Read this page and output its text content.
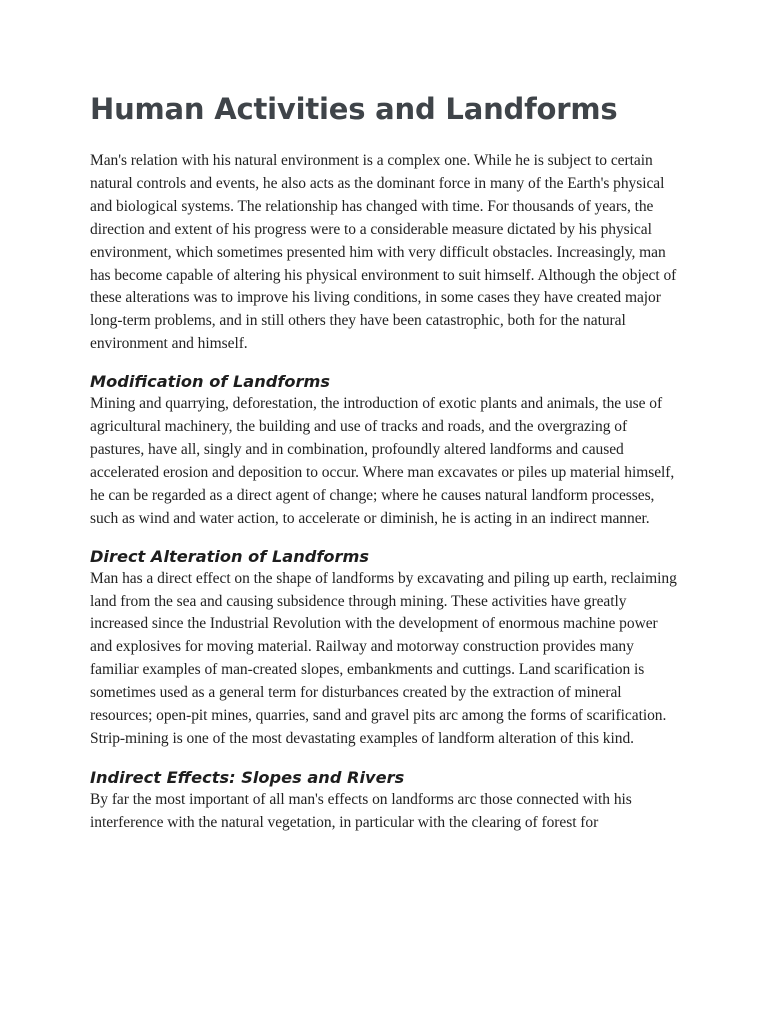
Human Activities and Landforms

Man's relation with his natural environment is a complex one. While he is subject to certain natural controls and events, he also acts as the dominant force in many of the Earth's physical and biological systems. The relationship has changed with time. For thousands of years, the direction and extent of his progress were to a considerable measure dictated by his physical environment, which sometimes presented him with very difficult obstacles. Increasingly, man has become capable of altering his physical environment to suit himself. Although the object of these alterations was to improve his living conditions, in some cases they have created major long-term problems, and in still others they have been catastrophic, both for the natural environment and himself.

Modification of Landforms

Mining and quarrying, deforestation, the introduction of exotic plants and animals, the use of agricultural machinery, the building and use of tracks and roads, and the overgrazing of pastures, have all, singly and in combination, profoundly altered landforms and caused accelerated erosion and deposition to occur. Where man excavates or piles up material himself, he can be regarded as a direct agent of change; where he causes natural landform processes, such as wind and water action, to accelerate or diminish, he is acting in an indirect manner.

Direct Alteration of Landforms

Man has a direct effect on the shape of landforms by excavating and piling up earth, reclaiming land from the sea and causing subsidence through mining. These activities have greatly increased since the Industrial Revolution with the development of enormous machine power and explosives for moving material. Railway and motorway construction provides many familiar examples of man-created slopes, embankments and cuttings. Land scarification is sometimes used as a general term for disturbances created by the extraction of mineral resources; open-pit mines, quarries, sand and gravel pits arc among the forms of scarification. Strip-mining is one of the most devastating examples of landform alteration of this kind.

Indirect Effects: Slopes and Rivers

By far the most important of all man's effects on landforms arc those connected with his interference with the natural vegetation, in particular with the clearing of forest for
